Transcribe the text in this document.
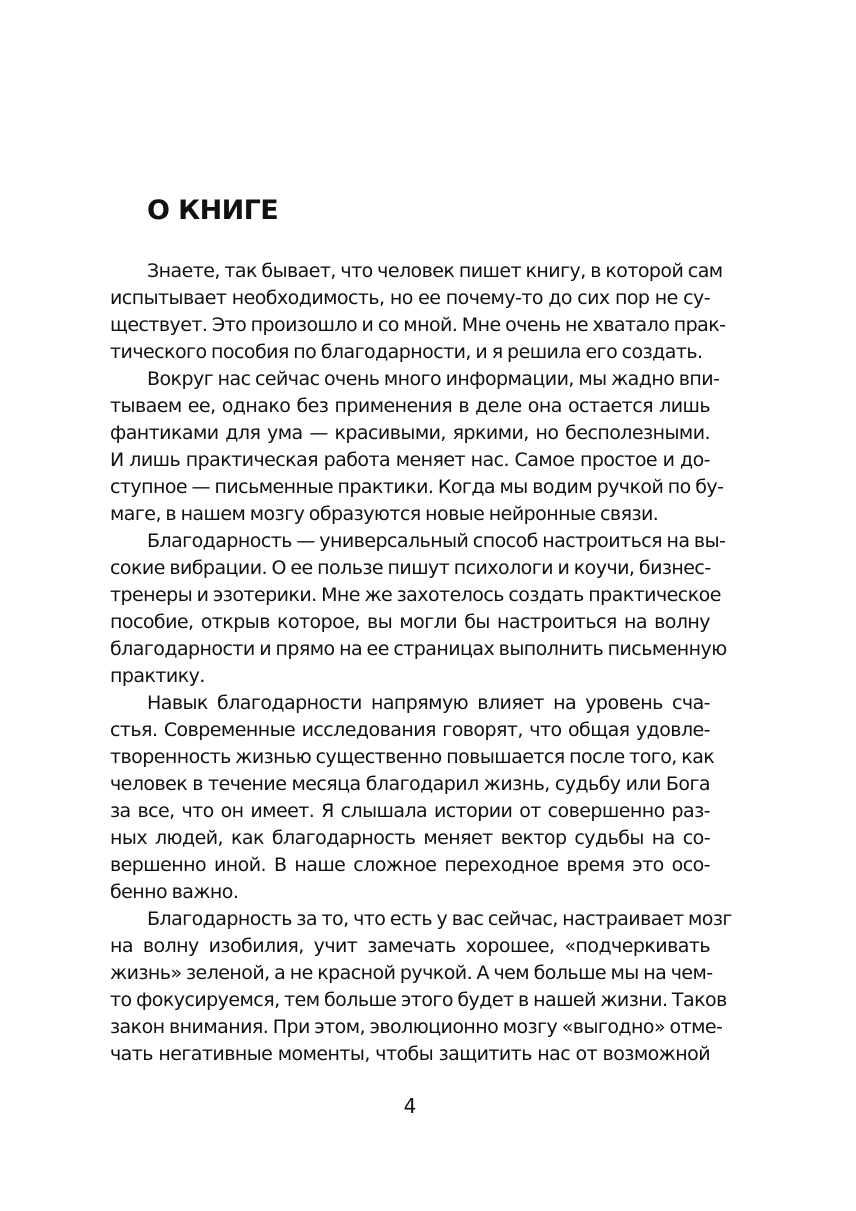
О КНИГЕ
Знаете, так бывает, что человек пишет книгу, в которой сам
испытывает необходимость, но ее почему-то до сих пор не су-
ществует. Это произошло и со мной. Мне очень не хватало прак-
тического пособия по благодарности, и я решила его создать.
Вокруг нас сейчас очень много информации, мы жадно впи-
тываем ее, однако без применения в деле она остается лишь
фантиками для ума — красивыми, яркими, но бесполезными.
И лишь практическая работа меняет нас. Самое простое и до-
ступное — письменные практики. Когда мы водим ручкой по бу-
маге, в нашем мозгу образуются новые нейронные связи.
Благодарность — универсальный способ настроиться на вы-
сокие вибрации. О ее пользе пишут психологи и коучи, бизнес-
тренеры и эзотерики. Мне же захотелось создать практическое
пособие, открыв которое, вы могли бы настроиться на волну
благодарности и прямо на ее страницах выполнить письменную
практику.
Навык благодарности напрямую влияет на уровень сча-
стья. Современные исследования говорят, что общая удовле-
творенность жизнью существенно повышается после того, как
человек в течение месяца благодарил жизнь, судьбу или Бога
за все, что он имеет. Я слышала истории от совершенно раз-
ных людей, как благодарность меняет вектор судьбы на со-
вершенно иной. В наше сложное переходное время это осо-
бенно важно.
Благодарность за то, что есть у вас сейчас, настраивает мозг
на волну изобилия, учит замечать хорошее, «подчеркивать
жизнь» зеленой, а не красной ручкой. А чем больше мы на чем-
то фокусируемся, тем больше этого будет в нашей жизни. Таков
закон внимания. При этом, эволюционно мозгу «выгодно» отме-
чать негативные моменты, чтобы защитить нас от возможной
4
